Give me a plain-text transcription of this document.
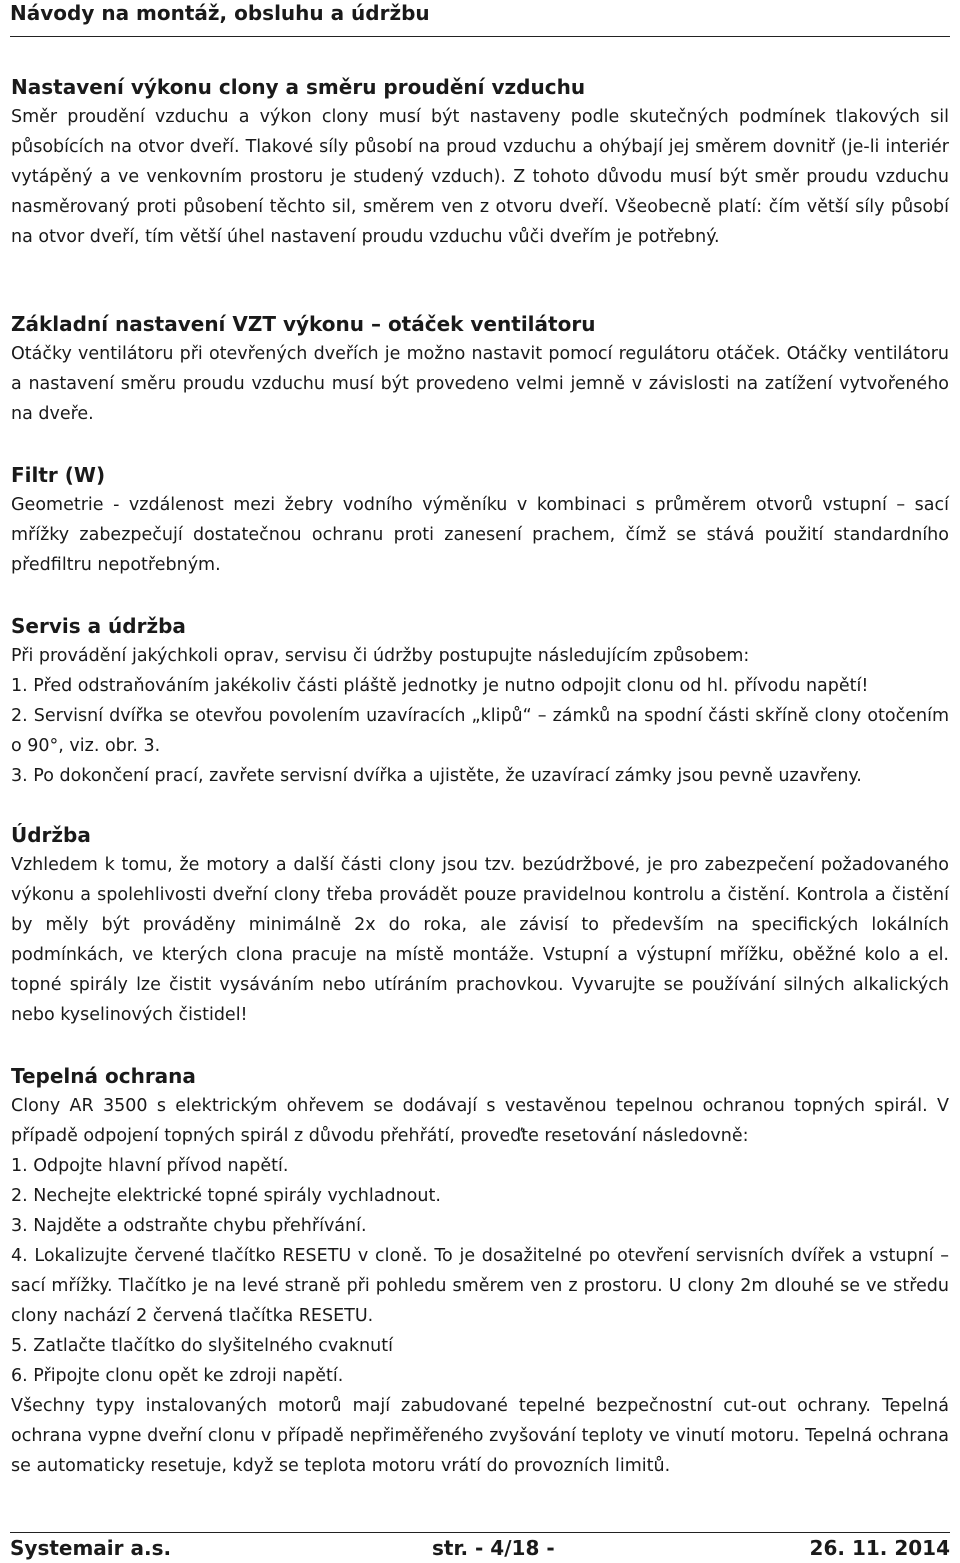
Návody na montáž, obsluhu a údržbu
Nastavení výkonu clony a směru proudění vzduchu

Směr proudění vzduchu a výkon clony musí být nastaveny podle skutečných podmínek tlakových sil působících na otvor dveří. Tlakové síly působí na proud vzduchu a ohýbají jej směrem dovnitř (je-li interiér vytápěný a ve venkovním prostoru je studený vzduch). Z tohoto důvodu musí být směr proudu vzduchu nasměrovaný proti působení těchto sil, směrem ven z otvoru dveří. Všeobecně platí: čím větší síly působí na otvor dveří, tím větší úhel nastavení proudu vzduchu vůči dveřím je potřebný.

Základní nastavení VZT výkonu – otáček ventilátoru

Otáčky ventilátoru při otevřených dveřích je možno nastavit pomocí regulátoru otáček. Otáčky ventilátoru a nastavení směru proudu vzduchu musí být provedeno velmi jemně v závislosti na zatížení vytvořeného na dveře.

Filtr (W)

Geometrie - vzdálenost mezi žebry vodního výměníku v kombinaci s průměrem otvorů vstupní – sací mřížky zabezpečují dostatečnou ochranu proti zanesení prachem, čímž se stává použití standardního předfiltru nepotřebným.

Servis a údržba

Při provádění jakýchkoli oprav, servisu či údržby postupujte následujícím způsobem:

1. Před odstraňováním jakékoliv části pláště jednotky je nutno odpojit clonu od hl. přívodu napětí!

2. Servisní dvířka se otevřou povolením uzavíracích „klipů“ – zámků na spodní části skříně clony otočením o 90°, viz. obr. 3.

3. Po dokončení prací, zavřete servisní dvířka a ujistěte, že uzavírací zámky jsou pevně uzavřeny.

Údržba

Vzhledem k tomu, že motory a další části clony jsou tzv. bezúdržbové, je pro zabezpečení požadovaného výkonu a spolehlivosti dveřní clony třeba provádět pouze pravidelnou kontrolu a čistění. Kontrola a čistění by měly být prováděny minimálně 2x do roka, ale závisí to především na specifických lokálních podmínkách, ve kterých clona pracuje na místě montáže. Vstupní a výstupní mřížku, oběžné kolo a el. topné spirály lze čistit vysáváním nebo utíráním prachovkou. Vyvarujte se používání silných alkalických nebo kyselinových čistidel!

Tepelná ochrana

Clony AR 3500 s elektrickým ohřevem se dodávají s vestavěnou tepelnou ochranou topných spirál. V případě odpojení topných spirál z důvodu přehřátí, proveďte resetování následovně:

1. Odpojte hlavní přívod napětí.

2. Nechejte elektrické topné spirály vychladnout.

3. Najděte a odstraňte chybu přehřívání.

4. Lokalizujte červené tlačítko RESETU v cloně. To je dosažitelné po otevření servisních dvířek a vstupní – sací mřížky. Tlačítko je na levé straně při pohledu směrem ven z prostoru. U clony 2m dlouhé se ve středu clony nachází 2 červená tlačítka RESETU.

5. Zatlačte tlačítko do slyšitelného cvaknutí

6. Připojte clonu opět ke zdroji napětí.

Všechny typy instalovaných motorů mají zabudované tepelné bezpečnostní cut-out ochrany. Tepelná ochrana vypne dveřní clonu v případě nepřiměřeného zvyšování teploty ve vinutí motoru. Tepelná ochrana se automaticky resetuje, když se teplota motoru vrátí do provozních limitů.

Systemair a.s.	str. - 4/18 -	26. 11. 2014
